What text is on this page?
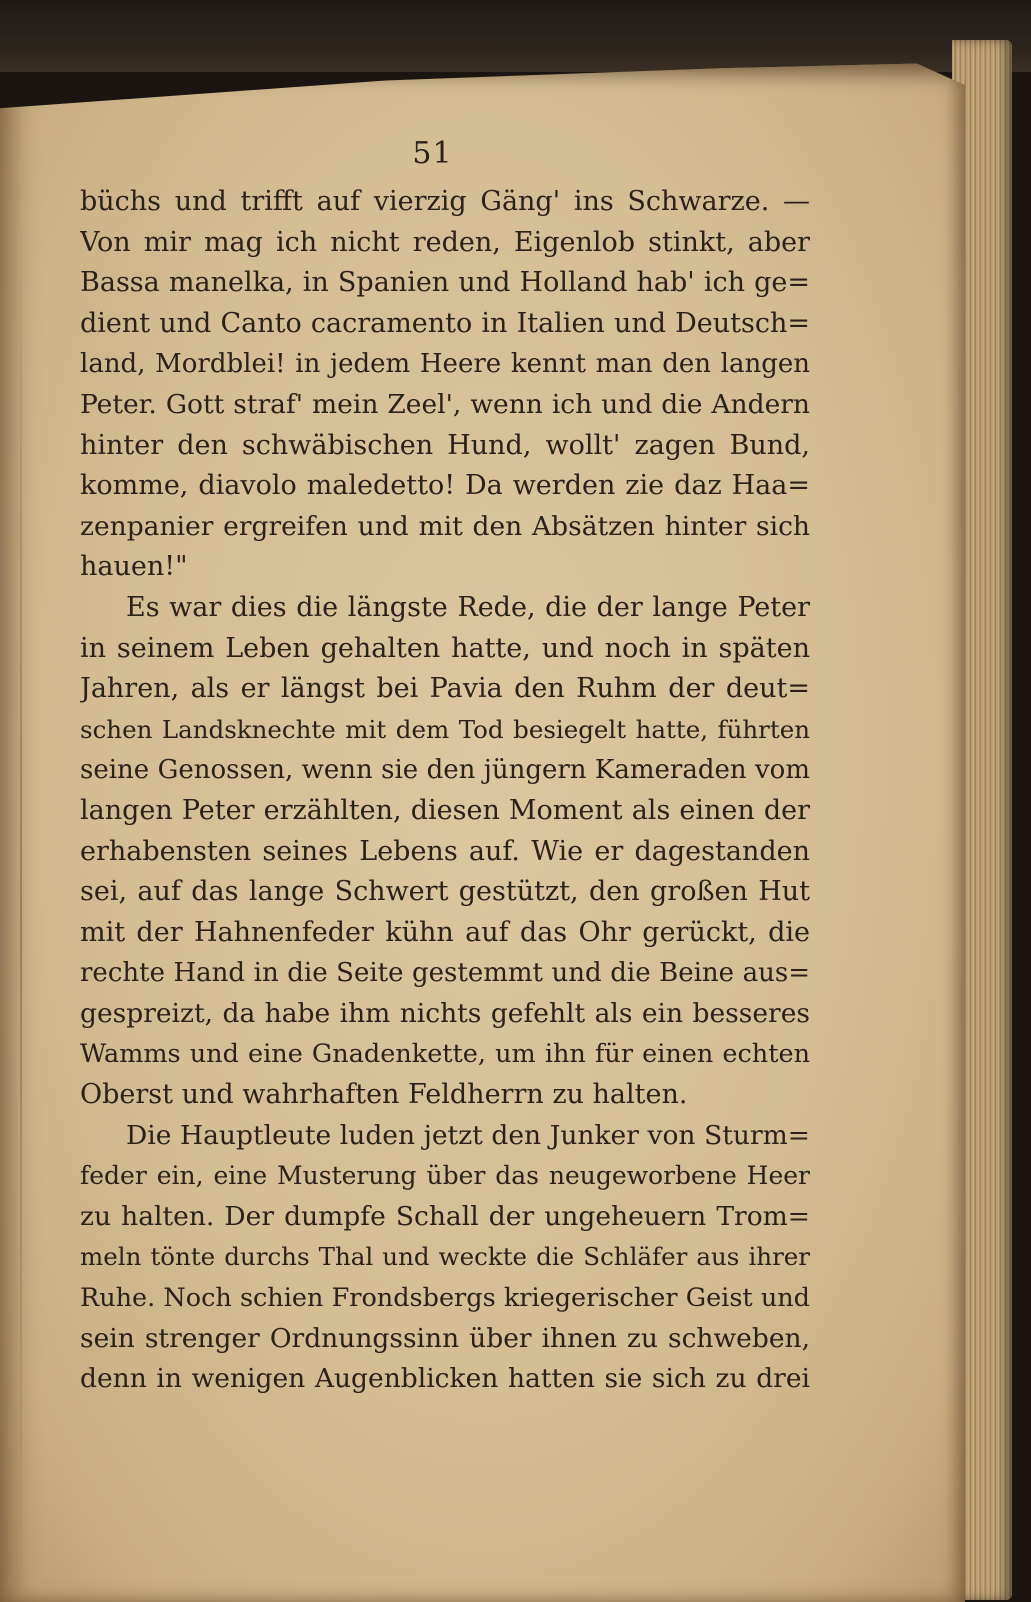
51
büchs und trifft auf vierzig Gäng' ins Schwarze. —
Von mir mag ich nicht reden, Eigenlob stinkt, aber
Bassa manelka, in Spanien und Holland hab' ich ge=
dient und Canto cacramento in Italien und Deutsch=
land, Mordblei! in jedem Heere kennt man den langen
Peter. Gott straf' mein Zeel', wenn ich und die Andern
hinter den schwäbischen Hund, wollt' zagen Bund,
komme, diavolo maledetto! Da werden zie daz Haa=
zenpanier ergreifen und mit den Absätzen hinter sich
hauen!"
Es war dies die längste Rede, die der lange Peter
in seinem Leben gehalten hatte, und noch in späten
Jahren, als er längst bei Pavia den Ruhm der deut=
schen Landsknechte mit dem Tod besiegelt hatte, führten
seine Genossen, wenn sie den jüngern Kameraden vom
langen Peter erzählten, diesen Moment als einen der
erhabensten seines Lebens auf. Wie er dagestanden
sei, auf das lange Schwert gestützt, den großen Hut
mit der Hahnenfeder kühn auf das Ohr gerückt, die
rechte Hand in die Seite gestemmt und die Beine aus=
gespreizt, da habe ihm nichts gefehlt als ein besseres
Wamms und eine Gnadenkette, um ihn für einen echten
Oberst und wahrhaften Feldherrn zu halten.
Die Hauptleute luden jetzt den Junker von Sturm=
feder ein, eine Musterung über das neugeworbene Heer
zu halten. Der dumpfe Schall der ungeheuern Trom=
meln tönte durchs Thal und weckte die Schläfer aus ihrer
Ruhe. Noch schien Frondsbergs kriegerischer Geist und
sein strenger Ordnungssinn über ihnen zu schweben,
denn in wenigen Augenblicken hatten sie sich zu drei
